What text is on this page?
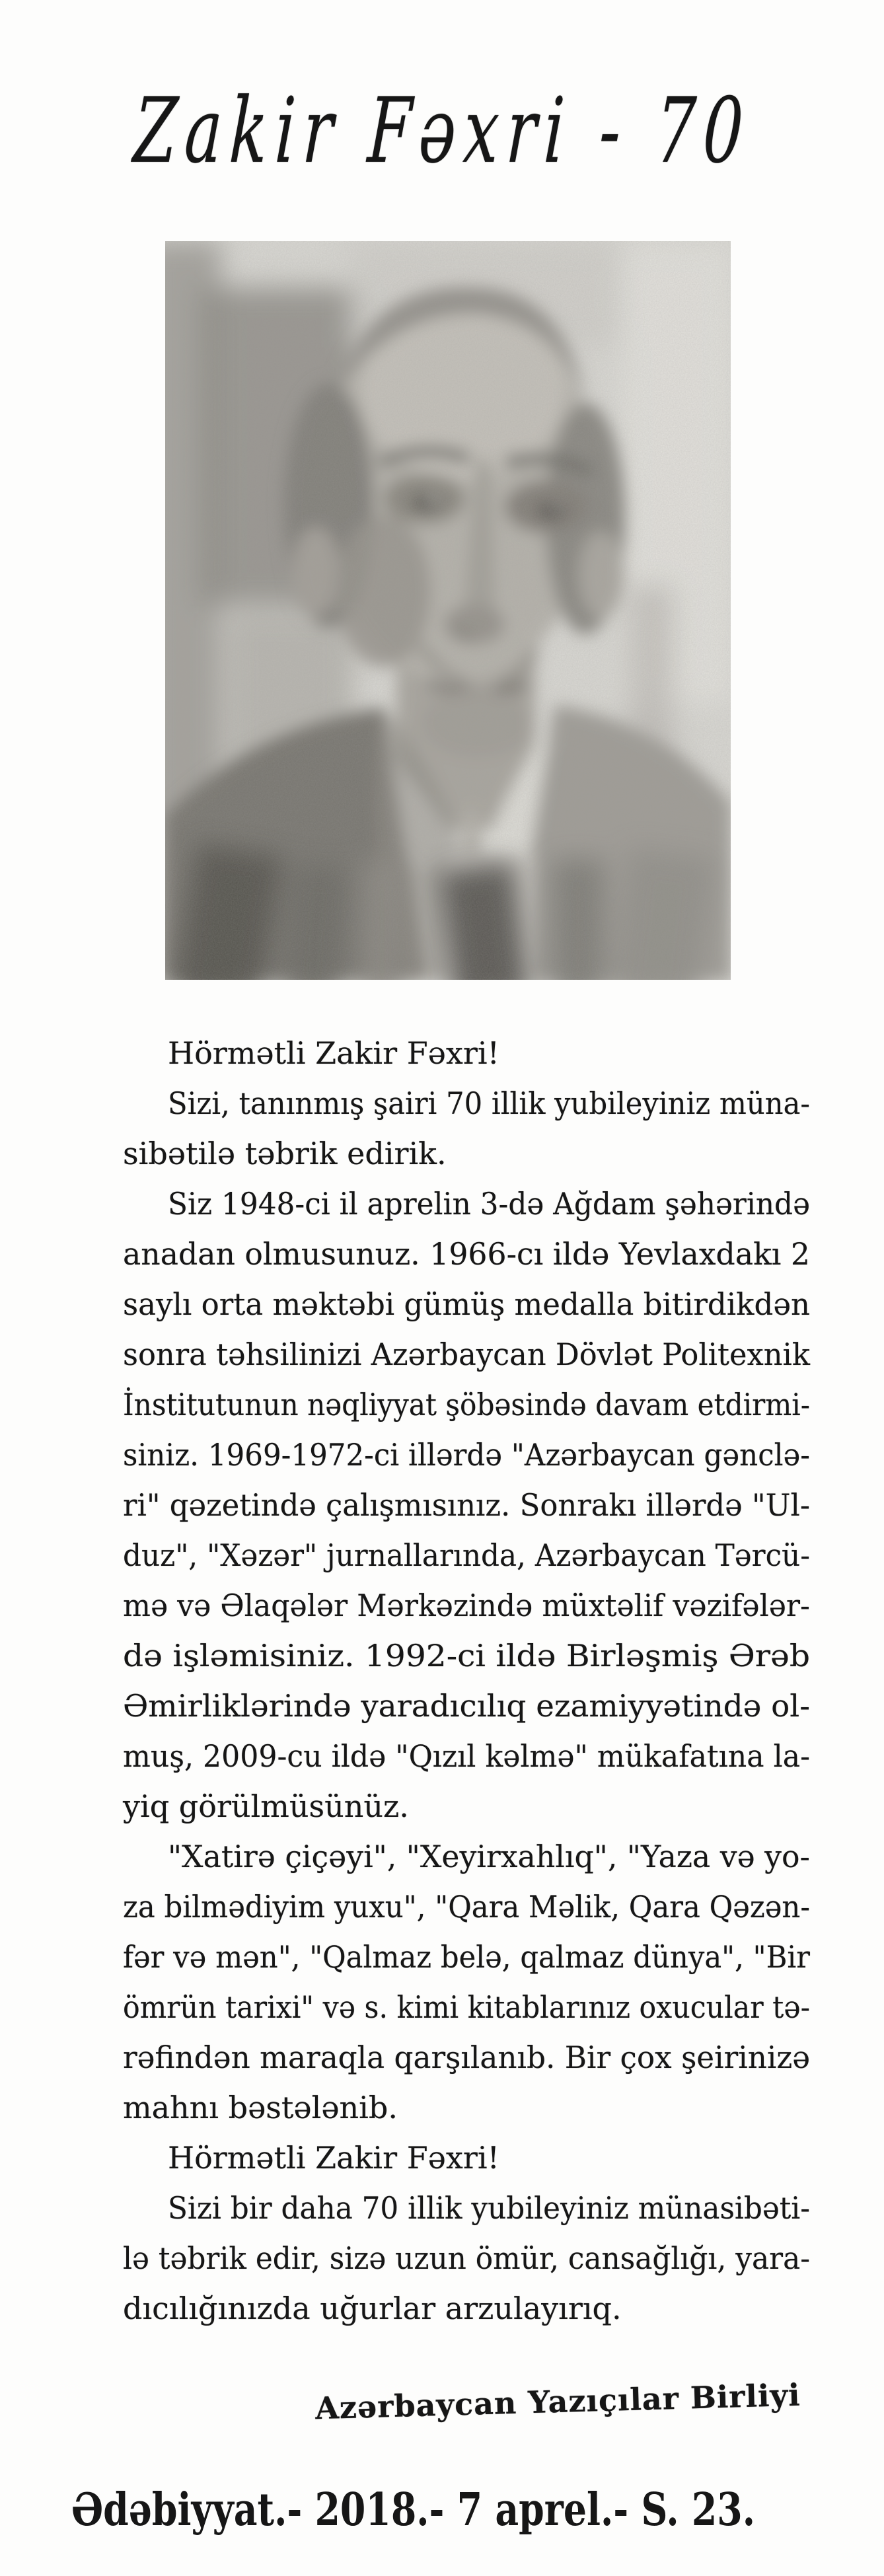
Zakir Fəxri - 70
Hörmətli Zakir Fəxri!
Sizi, tanınmış şairi 70 illik yubileyiniz müna-
sibətilə təbrik edirik.
Siz 1948-ci il aprelin 3-də Ağdam şəhərində
anadan olmusunuz. 1966-cı ildə Yevlaxdakı 2
saylı orta məktəbi gümüş medalla bitirdikdən
sonra təhsilinizi Azərbaycan Dövlət Politexnik
İnstitutunun nəqliyyat şöbəsində davam etdirmi-
siniz. 1969-1972-ci illərdə "Azərbaycan gənclə-
ri" qəzetində çalışmısınız. Sonrakı illərdə "Ul-
duz", "Xəzər" jurnallarında, Azərbaycan Tərcü-
mə və Əlaqələr Mərkəzində müxtəlif vəzifələr-
də işləmisiniz. 1992-ci ildə Birləşmiş Ərəb
Əmirliklərində yaradıcılıq ezamiyyətində ol-
muş, 2009-cu ildə "Qızıl kəlmə" mükafatına la-
yiq görülmüsünüz.
"Xatirə çiçəyi", "Xeyirxahlıq", "Yaza və yo-
za bilmədiyim yuxu", "Qara Məlik, Qara Qəzən-
fər və mən", "Qalmaz belə, qalmaz dünya", "Bir
ömrün tarixi" və s. kimi kitablarınız oxucular tə-
rəfindən maraqla qarşılanıb. Bir çox şeirinizə
mahnı bəstələnib.
Hörmətli Zakir Fəxri!
Sizi bir daha 70 illik yubileyiniz münasibəti-
lə təbrik edir, sizə uzun ömür, cansağlığı, yara-
dıcılığınızda uğurlar arzulayırıq.
Azərbaycan Yazıçılar Birliyi
Ədəbiyyat.- 2018.- 7 aprel.- S. 23.
